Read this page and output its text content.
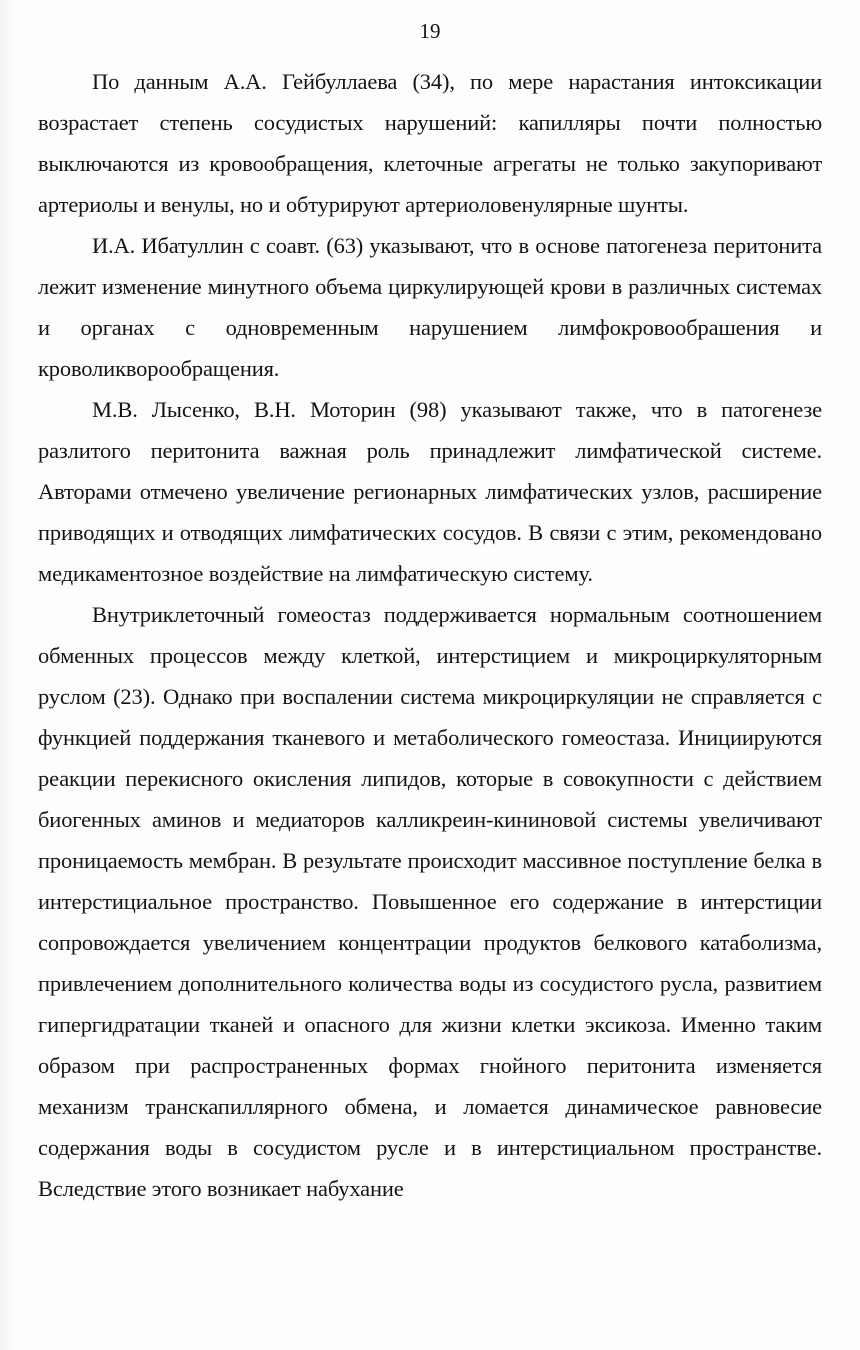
19

По данным А.А. Гейбуллаева (34), по мере нарастания интоксикации возрастает степень сосудистых нарушений: капилляры почти полностью выключаются из кровообращения, клеточные агрегаты не только закупоривают артериолы и венулы, но и обтурируют артериоловенулярные шунты.

И.А. Ибатуллин с соавт. (63) указывают, что в основе патогенеза перитонита лежит изменение минутного объема циркулирующей крови в различных системах и органах с одновременным нарушением лимфокровообрашения и кроволикворообращения.

М.В. Лысенко, В.Н. Моторин (98) указывают также, что в патогенезе разлитого перитонита важная роль принадлежит лимфатической системе. Авторами отмечено увеличение регионарных лимфатических узлов, расширение приводящих и отводящих лимфатических сосудов. В связи с этим, рекомендовано медикаментозное воздействие на лимфатическую систему.

Внутриклеточный гомеостаз поддерживается нормальным соотношением обменных процессов между клеткой, интерстицием и микроциркуляторным руслом (23). Однако при воспалении система микроциркуляции не справляется с функцией поддержания тканевого и метаболического гомеостаза. Инициируются реакции перекисного окисления липидов, которые в совокупности с действием биогенных аминов и медиаторов калликреин-кининовой системы увеличивают проницаемость мембран. В результате происходит массивное поступление белка в интерстициальное пространство. Повышенное его содержание в интерстиции сопровождается увеличением концентрации продуктов белкового катаболизма, привлечением дополнительного количества воды из сосудистого русла, развитием гипергидратации тканей и опасного для жизни клетки эксикоза. Именно таким образом при распространенных формах гнойного перитонита изменяется механизм транскапиллярного обмена, и ломается динамическое равновесие содержания воды в сосудистом русле и в интерстициальном пространстве. Вследствие этого возникает набухание
